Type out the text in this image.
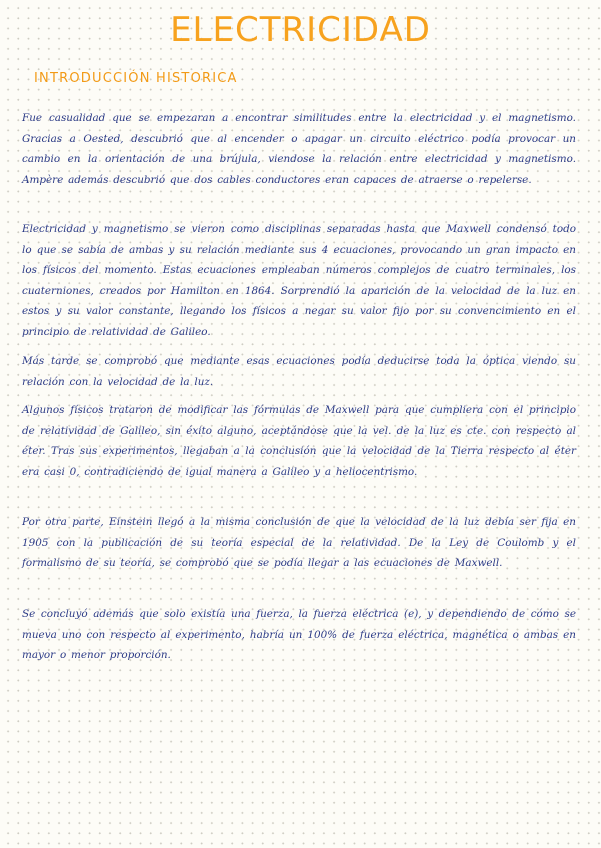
ELECTRICIDAD
INTRODUCCIÓN HISTORICA

Fue casualidad que se empezaran a encontrar similitudes entre la electricidad y el magnetismo. Gracias a Oested, descubrió que al encender o apagar un circuito eléctrico podía provocar un cambio en la orientación de una brújula, viendose la relación entre electricidad y magnetismo. Ampère además descubrió que dos cables conductores eran capaces de atraerse o repelerse.

Electricidad y magnetismo se vieron como disciplinas separadas hasta que Maxwell condensó todo lo que se sabía de ambas y su relación mediante sus 4 ecuaciones, provocando un gran impacto en los físicos del momento. Estas ecuaciones empleaban números complejos de cuatro terminales, los cuaterniones, creados por Hamilton en 1864. Sorprendió la aparición de la velocidad de la luz en estos y su valor constante, llegando los físicos a negar su valor fijo por su convencimiento en el principio de relatividad de Galileo.

Más tarde se comprobó que mediante esas ecuaciones podía deducirse toda la óptica viendo su relación con la velocidad de la luz.

Algunos físicos trataron de modificar las fórmulas de Maxwell para que cumpliera con el principio de relatividad de Galileo, sin éxito alguno, aceptándose que la vel. de la luz es cte. con respecto al éter. Tras sus experimentos, llegaban a la conclusión que la velocidad de la Tierra respecto al éter era casi 0, contradiciendo de igual manera a Galileo y a heliocentrismo.

Por otra parte, Einstein llegó a la misma conclusión de que la velocidad de la luz debía ser fija en 1905 con la publicación de su teoría especial de la relatividad. De la Ley de Coulomb y el formalismo de su teoría, se comprobó que se podía llegar a las ecuaciones de Maxwell.

Se concluyó además que solo existía una fuerza, la fuerza eléctrica (e), y dependiendo de cómo se mueva uno con respecto al experimento, habría un 100% de fuerza eléctrica, magnética o ambas en mayor o menor proporción.
